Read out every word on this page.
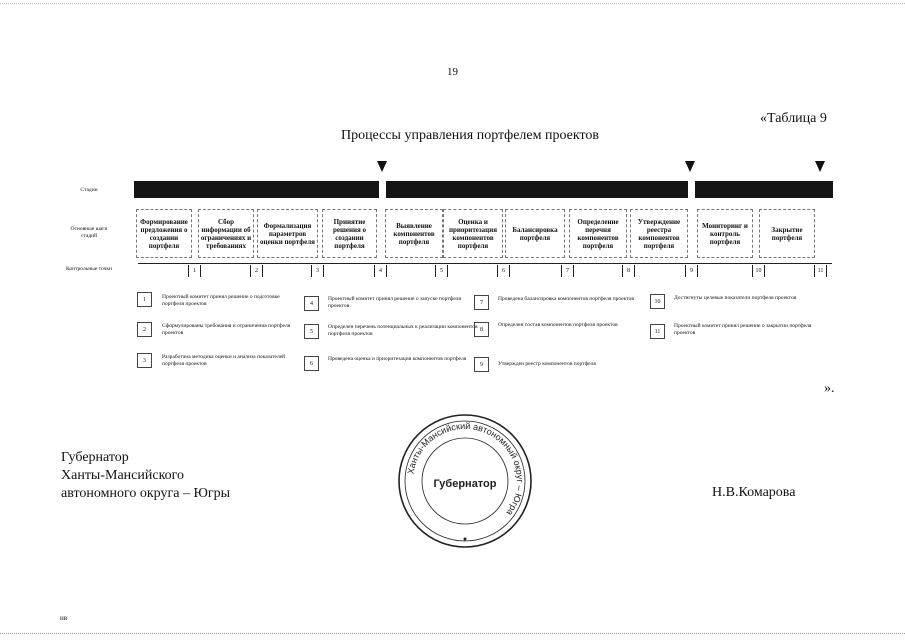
19
«Таблица 9
Процессы управления портфелем проектов
Стадии
Основные шаги стадий
Контрольные точки
Формирование предложения о создании портфеля
Сбор информации об ограничениях и требованиях
Формализация параметров оценки портфеля
Принятие решения о создании портфеля
Выявление компонентов портфеля
Оценка и приоритезация компонентов портфеля
Балансировка портфеля
Определение перечня компонентов портфеля
Утверждение реестра компонентов портфеля
Мониторинг и контроль портфеля
Закрытие портфеля
1	2	3	4	5	6	7	8	9	10	11
1	Проектный комитет принял решение о подготовке портфеля проектов
2
Сформулированы требования и ограничения портфеля проектов
3
Разработана методика оценки и анализа показателей портфеля проектов
4
Проектный комитет принял решение о запуске портфеля проектов
5
Определен перечень потенциальных к реализации компонентов портфеля проектов
6
Проведена оценка и приоритезация компонентов портфеля
7
Проведена балансировка компонентов портфеля проектов
8
Определен состав компонентов портфеля проектов
9	Утвержден реестр компонентов портфеля
10
Достигнуты целевые показатели портфеля проектов
11
Проектный комитет принял решение о закрытии портфеля проектов
».
Губернатор
Ханты-Мансийского
автономного округа – Югры
Ханты-Мансийский автономный округ – Югра
Губернатор
Н.В.Комарова
нв
